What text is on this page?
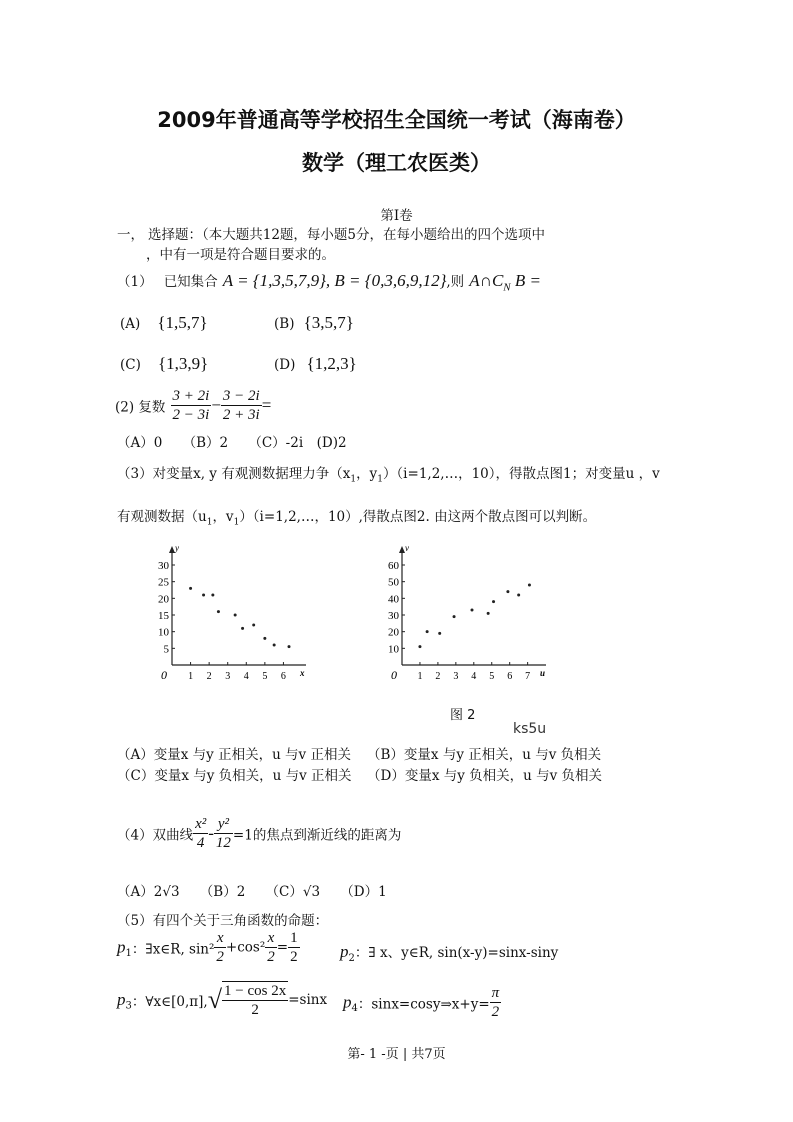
2009年普通高等学校招生全国统一考试（海南卷）
数学（理工农医类）
第Ⅰ卷
一， 选择题：（本大题共12题，每小题5分，在每小题给出的四个选项中
，中有一项是符合题目要求的。
（1） 已知集合 A = {1,3,5,7,9}, B = {0,3,6,9,12},则 $A\cap C_N$ B =
(A) {1,5,7}	(B) {3,5,7}
(C) {1,3,9}	(D) {1,2,3}
(2) 复数 $\frac{3 + 2i}{2 - 3i} - \frac{3 - 2i}{2 + 3i}$ =
（A）0　　（B）2　　（C）-2i　(D)2
（3）对变量x, y 有观测数据理力争（$x_1$，$y_1)(i=1,2,\dots$，10），得散点图1；对变量u ，v
有观测数据（$u_1$，$v_1)(i=1,2,\dots$，10）,得散点图2. 由这两个散点图可以判断。
y
x
5
10
15
20
25
30
0 1 2 3 4 5 6
v
u
10
20
30
40
50
60
0 1 2 3 4 5 6 7
图 2
ks5u
（A）变量x 与y 正相关，u 与v 正相关 （B）变量x 与y 正相关，u 与v 负相关
（C）变量x 与y 负相关，u 与v 正相关 （D）变量x 与y 负相关，u 与v 负相关
（4）双曲线 $\frac{\text{x²}}{4} - \frac{\text{y²}}{12} =1$的焦点到渐近线的距离为
（A）2√3　　（B）2　　（C）√3　　（D）1
（5）有四个关于三角函数的命题：
$p_1$：∃x∈R, $\sin^2 \frac{x}{2} +\cos^2 \frac{x}{2} = \frac{1}{2} p_2$：∃ x、y∈R, sin(x-y)=sinx-siny
$p_3$：∀x∈[0,π],√ $\frac{1 - \cos 2x}{2} =\sin x$ $p_4$：sinx=cosy⇒x+y= $\frac{\pi}{2}$
第- 1 -页 | 共7页
